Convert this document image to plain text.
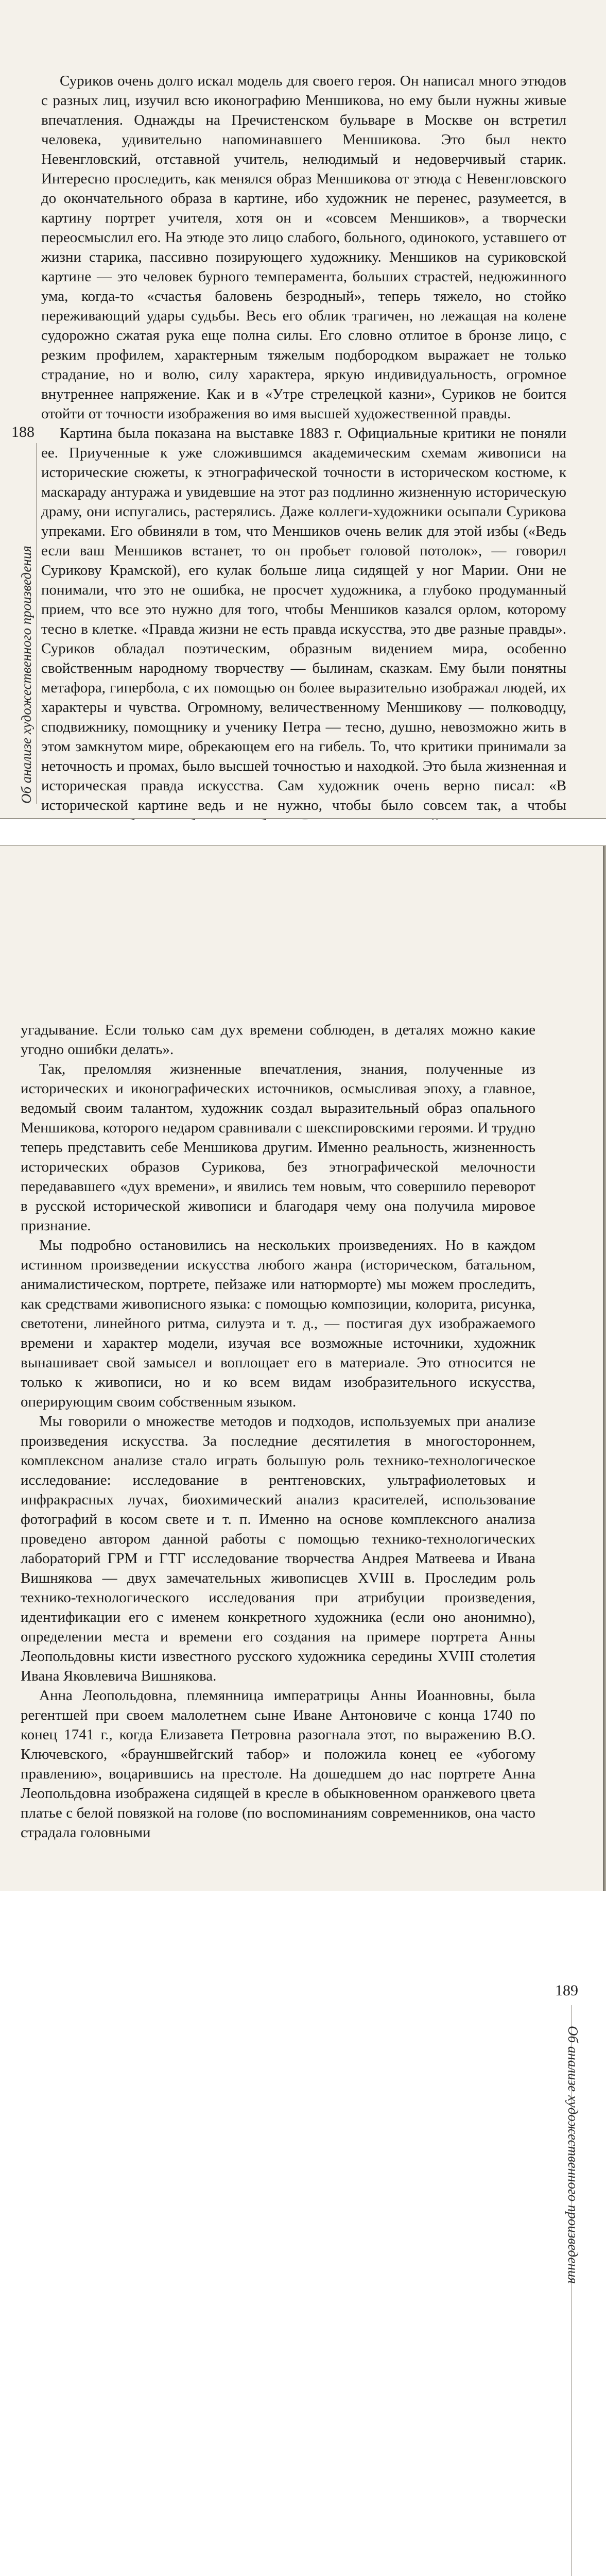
Суриков очень долго искал модель для своего героя. Он написал много этюдов с разных лиц, изучил всю иконографию Меншикова, но ему были нужны живые впечатления. Однажды на Пречистенском бульваре в Москве он встретил человека, удивительно напоминавшего Меншикова. Это был некто Невенгловский, отставной учитель, нелюдимый и недоверчивый старик. Интересно проследить, как менялся образ Меншикова от этюда с Невенгловского до окончательного образа в картине, ибо художник не перенес, разумеется, в картину портрет учителя, хотя он и «совсем Меншиков», а творчески переосмыслил его. На этюде это лицо слабого, больного, одинокого, уставшего от жизни старика, пассивно позирующего художнику. Меншиков на суриковской картине — это человек бурного темперамента, больших страстей, недюжинного ума, когда-то «счастья баловень безродный», теперь тяжело, но стойко переживающий удары судьбы. Весь его облик трагичен, но лежащая на колене судорожно сжатая рука еще полна силы. Его словно отлитое в бронзе лицо, с резким профилем, характерным тяжелым подбородком выражает не только страдание, но и волю, силу характера, яркую индивидуальность, огромное внутреннее напряжение. Как и в «Утре стрелецкой казни», Суриков не боится отойти от точности изображения во имя высшей художественной правды.

Картина была показана на выставке 1883 г. Официальные критики не поняли ее. Приученные к уже сложившимся академическим схемам живописи на исторические сюжеты, к этнографической точности в историческом костюме, к маскараду антуража и увидевшие на этот раз подлинно жизненную историческую драму, они испугались, растерялись. Даже коллеги-художники осыпали Сурикова упреками. Его обвиняли в том, что Меншиков очень велик для этой избы («Ведь если ваш Меншиков встанет, то он пробьет головой потолок», — говорил Сурикову Крамской), его кулак больше лица сидящей у ног Марии. Они не понимали, что это не ошибка, не просчет художника, а глубоко продуманный прием, что все это нужно для того, чтобы Меншиков казался орлом, которому тесно в клетке. «Правда жизни не есть правда искусства, это две разные правды». Суриков обладал поэтическим, образным видением мира, особенно свойственным народному творчеству — былинам, сказкам. Ему были понятны метафора, гипербола, с их помощью он более выразительно изображал людей, их характеры и чувства. Огромному, величественному Меншикову — полководцу, сподвижнику, помощнику и ученику Петра — тесно, душно, невозможно жить в этом замкнутом мире, обрекающем его на гибель. То, что критики принимали за неточность и промах, было высшей точностью и находкой. Это была жизненная и историческая правда искусства. Сам художник очень верно писал: «В исторической картине ведь и не нужно, чтобы было совсем так, а чтобы

188
Об анализе художественного произведения

угадывание. Если только сам дух времени соблюден, в деталях можно какие угодно ошибки делать».

Так, преломляя жизненные впечатления, знания, полученные из исторических и иконографических источников, осмысливая эпоху, а главное, ведомый своим талантом, художник создал выразительный образ опального Меншикова, которого недаром сравнивали с шекспировскими героями. И трудно теперь представить себе Меншикова другим. Именно реальность, жизненность исторических образов Сурикова, без этнографической мелочности передававшего «дух времени», и явились тем новым, что совершило переворот в русской исторической живописи и благодаря чему она получила мировое признание.

Мы подробно остановились на нескольких произведениях. Но в каждом истинном произведении искусства любого жанра (историческом, батальном, анималистическом, портрете, пейзаже или натюрморте) мы можем проследить, как средствами живописного языка: с помощью композиции, колорита, рисунка, светотени, линейного ритма, силуэта и т. д., — постигая дух изображаемого времени и характер модели, изучая все возможные источники, художник вынашивает свой замысел и воплощает его в материале. Это относится не только к живописи, но и ко всем видам изобразительного искусства, оперирующим своим собственным языком.

Мы говорили о множестве методов и подходов, используемых при анализе произведения искусства. За последние десятилетия в многостороннем, комплексном анализе стало играть большую роль технико-технологическое исследование: исследование в рентгеновских, ультрафиолетовых и инфракрасных лучах, биохимический анализ красителей, использование фотографий в косом свете и т. п. Именно на основе комплексного анализа проведено автором данной работы с помощью технико-технологических лабораторий ГРМ и ГТГ исследование творчества Андрея Матвеева и Ивана Вишнякова — двух замечательных живописцев XVIII в. Проследим роль технико-технологического исследования при атрибуции произведения, идентификации его с именем конкретного художника (если оно анонимно), определении места и времени его создания на примере портрета Анны Леопольдовны кисти известного русского художника середины XVIII столетия Ивана Яковлевича Вишнякова.

Анна Леопольдовна, племянница императрицы Анны Иоанновны, была регентшей при своем малолетнем сыне Иване Антоновиче с конца 1740 по конец 1741 г., когда Елизавета Петровна разогнала этот, по выражению В.О. Ключевского, «брауншвейгский табор» и положила конец ее «убогому правлению», воцарившись на престоле. На дошедшем до нас портрете Анна Леопольдовна изображена сидящей в кресле в обыкновенном оранжевого цвета платье с белой повязкой на голове (по воспоминаниям современников, она часто страдала головными

189
Об анализе художественного произведения
